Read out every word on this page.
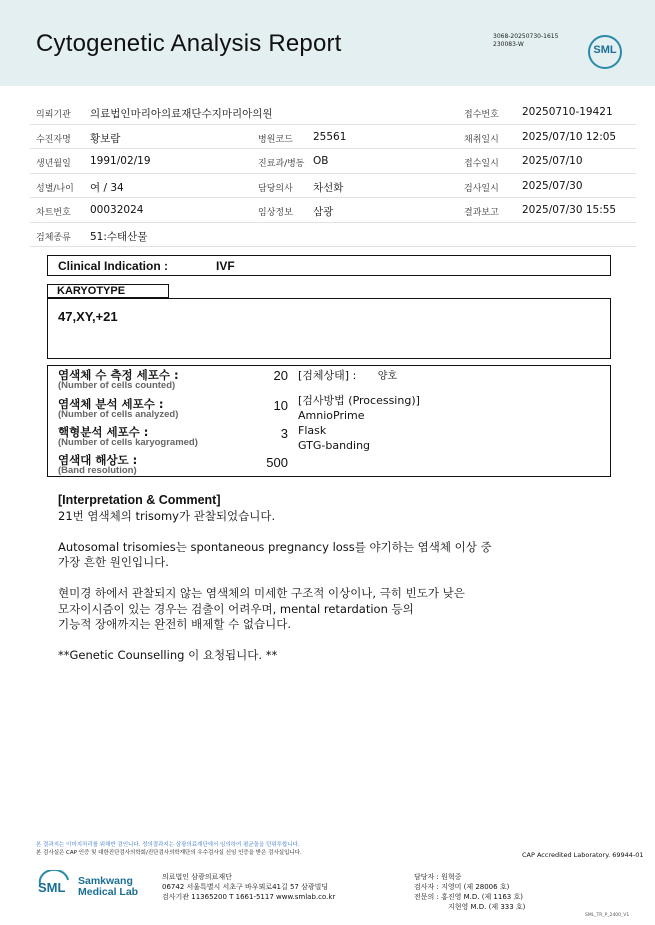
Cytogenetic Analysis Report	3068-20250730-1615
230083-W	SML
의뢰기관 의료법인마리아의료재단수지마리아의원	접수번호 20250710-19421
수진자명 황보람	병원코드 25561	채취일시 2025/07/10 12:05
생년월일 1991/02/19	진료과/병동 OB	접수일시 2025/07/10
성별/나이 여 / 34	담당의사 차선화	검사일시 2025/07/30
차트번호 00032024	임상정보 삼광	결과보고 2025/07/30 15:55
검체종류 51:수태산물
Clinical Indication :	IVF
KARYOTYPE
47,XY,+21
염색체 수 측정 세포수 :
(Number of cells counted)
20
염색체 분석 세포수 :
(Number of cells analyzed)
10
핵형분석 세포수 :
(Number of cells karyogramed)
3
염색대 해상도 :
(Band resolution)
500
[검체상태] : 양호
[검사방법 (Processing)]
AmnioPrime
Flask
GTG-banding
[Interpretation & Comment]
21번 염색체의 trisomy가 관찰되었습니다.
Autosomal trisomies는 spontaneous pregnancy loss를 야기하는 염색체 이상 중
가장 흔한 원인입니다.
현미경 하에서 관찰되지 않는 염색체의 미세한 구조적 이상이나, 극히 빈도가 낮은
모자이시즘이 있는 경우는 검출이 어려우며, mental retardation 등의
기능적 장애까지는 완전히 배제할 수 없습니다.
**Genetic Counselling 이 요청됩니다. **
본 결과지는 이미지처리를 위해반 검인니다. 정의결과지는 삼광의료재단에서 임의하여 평균돌을 던위투합니다.
본 검사실은 CAP 인증 및 대한진단검사의학회/진단검사의학재단의 우수검사실 신임 인증을 받은 검사실입니다.	CAP Accredited Laboratory. 69944-01
SML Samkwang
Medical Lab
의료법인 삼광의료재단
06742 서울특별시 서초구 바우뫼로41길 57 삼광빌딩
검사기관 11365200 T 1661-5117 www.smlab.co.kr
담당자 : 원혁중
검사자 : 지영미 (제 28006 호)
전문의 : 홍진영 M.D. (제 1163 호)
지현영 M.D. (제 333 호)
SML_TR_P_2400_V1
